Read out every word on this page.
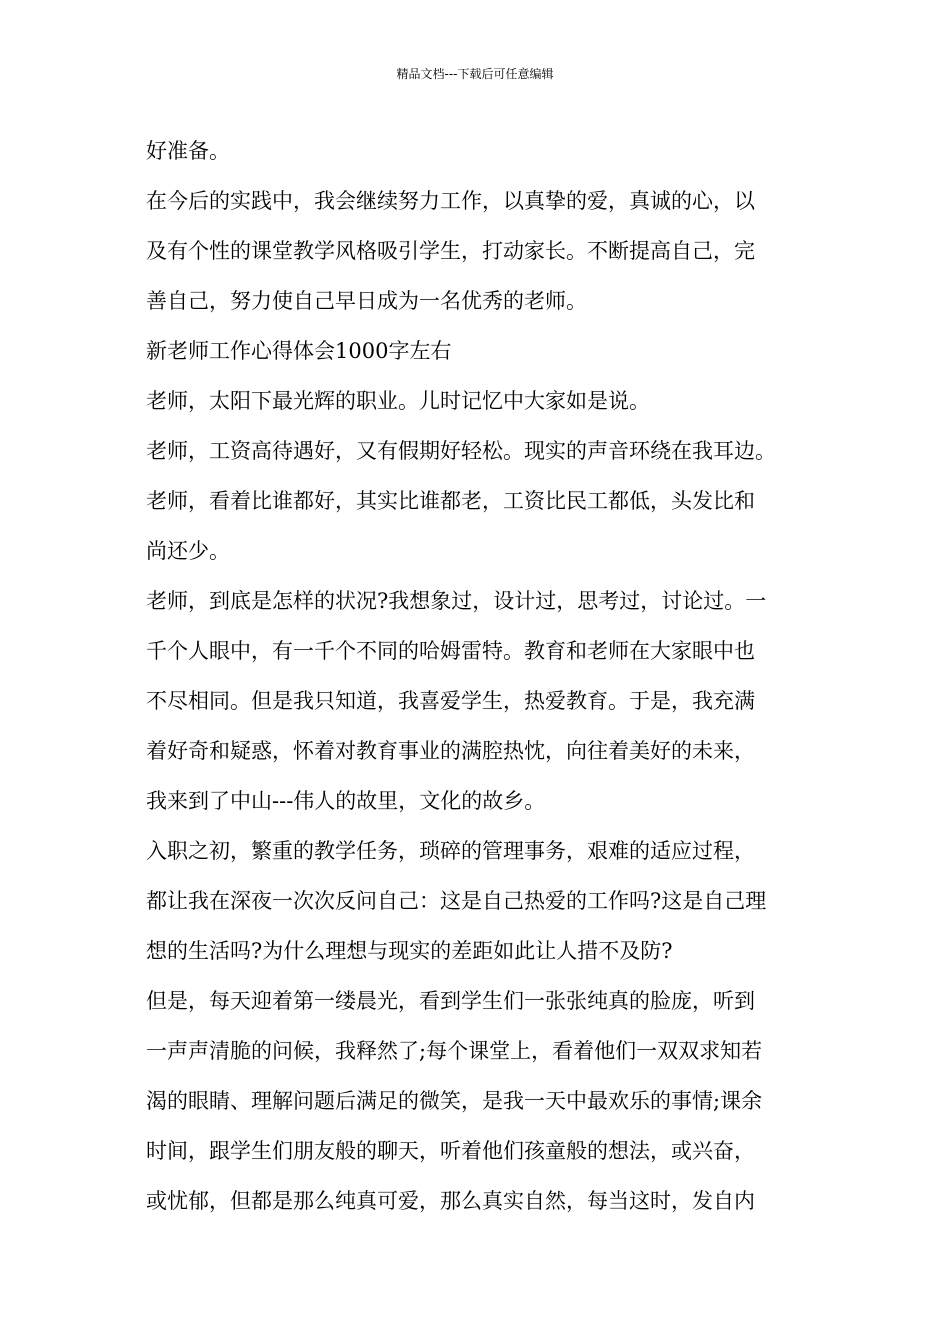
精品文档---下载后可任意编辑
好准备。
在今后的实践中，我会继续努力工作，以真挚的爱，真诚的心，以
及有个性的课堂教学风格吸引学生，打动家长。不断提高自己，完
善自己，努力使自己早日成为一名优秀的老师。
新老师工作心得体会1000字左右
老师，太阳下最光辉的职业。儿时记忆中大家如是说。
老师，工资高待遇好，又有假期好轻松。现实的声音环绕在我耳边。
老师，看着比谁都好，其实比谁都老，工资比民工都低，头发比和
尚还少。
老师，到底是怎样的状况?我想象过，设计过，思考过，讨论过。一
千个人眼中，有一千个不同的哈姆雷特。教育和老师在大家眼中也
不尽相同。但是我只知道，我喜爱学生，热爱教育。于是，我充满
着好奇和疑惑，怀着对教育事业的满腔热忱，向往着美好的未来，
我来到了中山---伟人的故里，文化的故乡。
入职之初，繁重的教学任务，琐碎的管理事务，艰难的适应过程，
都让我在深夜一次次反问自己：这是自己热爱的工作吗?这是自己理
想的生活吗?为什么理想与现实的差距如此让人措不及防?
但是，每天迎着第一缕晨光，看到学生们一张张纯真的脸庞，听到
一声声清脆的问候，我释然了;每个课堂上，看着他们一双双求知若
渴的眼睛、理解问题后满足的微笑，是我一天中最欢乐的事情;课余
时间，跟学生们朋友般的聊天，听着他们孩童般的想法，或兴奋，
或忧郁，但都是那么纯真可爱，那么真实自然，每当这时，发自内
